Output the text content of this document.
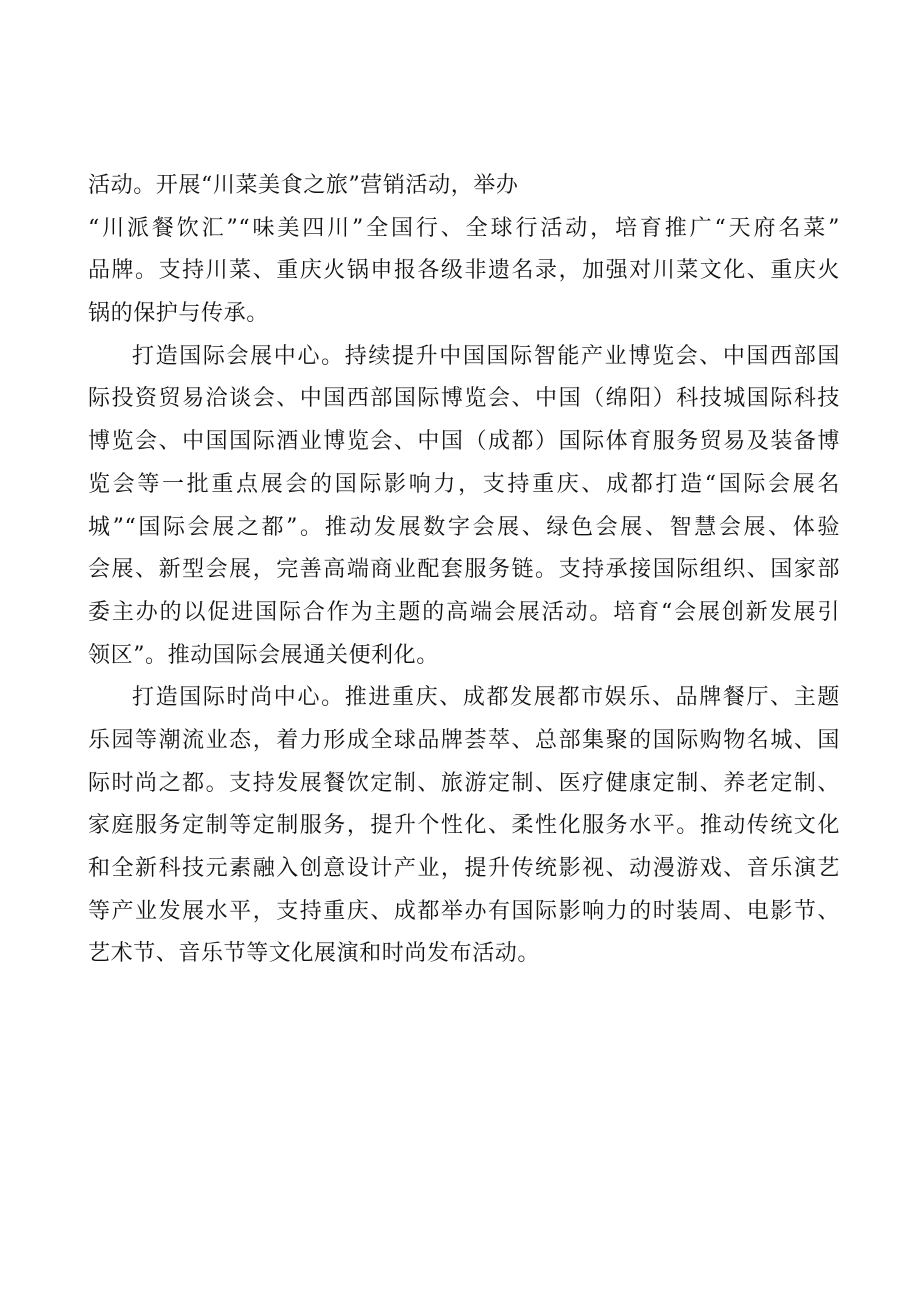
活动。开展“川菜美食之旅”营销活动，举办
“川派餐饮汇”“味美四川”全国行、全球行活动，培育推广“天府名菜”
品牌。支持川菜、重庆火锅申报各级非遗名录，加强对川菜文化、重庆火
锅的保护与传承。
打造国际会展中心。持续提升中国国际智能产业博览会、中国西部国
际投资贸易洽谈会、中国西部国际博览会、中国（绵阳）科技城国际科技
博览会、中国国际酒业博览会、中国（成都）国际体育服务贸易及装备博
览会等一批重点展会的国际影响力，支持重庆、成都打造“国际会展名
城”“国际会展之都”。推动发展数字会展、绿色会展、智慧会展、体验
会展、新型会展，完善高端商业配套服务链。支持承接国际组织、国家部
委主办的以促进国际合作为主题的高端会展活动。培育“会展创新发展引
领区”。推动国际会展通关便利化。
打造国际时尚中心。推进重庆、成都发展都市娱乐、品牌餐厅、主题
乐园等潮流业态，着力形成全球品牌荟萃、总部集聚的国际购物名城、国
际时尚之都。支持发展餐饮定制、旅游定制、医疗健康定制、养老定制、
家庭服务定制等定制服务，提升个性化、柔性化服务水平。推动传统文化
和全新科技元素融入创意设计产业，提升传统影视、动漫游戏、音乐演艺
等产业发展水平，支持重庆、成都举办有国际影响力的时装周、电影节、
艺术节、音乐节等文化展演和时尚发布活动。
